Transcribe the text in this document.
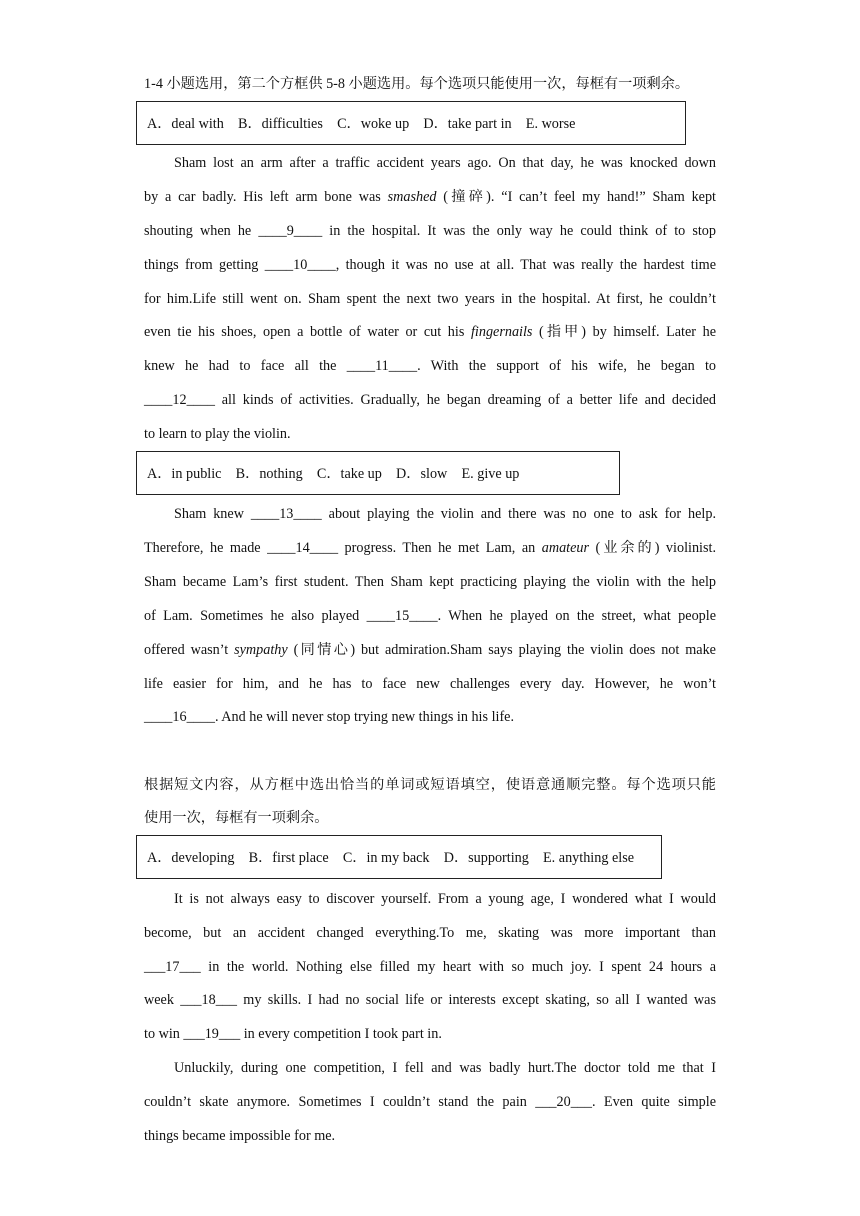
1-4 小题选用，第二个方框供 5-8 小题选用。每个选项只能使用一次，每框有一项剩余。
A．deal with　B．difficulties　C．woke up　D．take part in　E. worse
Sham lost an arm after a traffic accident years ago. On that day, he was knocked down
by a car badly. His left arm bone was smashed (撞碎). “I can’t feel my hand!” Sham kept
shouting when he ____9____ in the hospital. It was the only way he could think of to stop
things from getting ____10____, though it was no use at all. That was really the hardest time
for him.Life still went on. Sham spent the next two years in the hospital. At first, he couldn’t
even tie his shoes, open a bottle of water or cut his fingernails (指甲) by himself. Later he
knew he had to face all the ____11____. With the support of his wife, he began to
____12____ all kinds of activities. Gradually, he began dreaming of a better life and decided
to learn to play the violin.
A．in public　B．nothing　C．take up　D．slow　E. give up
Sham knew ____13____ about playing the violin and there was no one to ask for help.
Therefore, he made ____14____ progress. Then he met Lam, an amateur (业余的) violinist.
Sham became Lam’s first student. Then Sham kept practicing playing the violin with the help
of Lam. Sometimes he also played ____15____. When he played on the street, what people
offered wasn’t sympathy (同情心) but admiration.Sham says playing the violin does not make
life easier for him, and he has to face new challenges every day. However, he won’t
____16____. And he will never stop trying new things in his life.
根据短文内容，从方框中选出恰当的单词或短语填空，使语意通顺完整。每个选项只能
使用一次，每框有一项剩余。
A．developing　B．first place　C．in my back　D．supporting　E. anything else
It is not always easy to discover yourself. From a young age, I wondered what I would
become, but an accident changed everything.To me, skating was more important than
___17___ in the world. Nothing else filled my heart with so much joy. I spent 24 hours a
week ___18___ my skills. I had no social life or interests except skating, so all I wanted was
to win ___19___ in every competition I took part in.
Unluckily, during one competition, I fell and was badly hurt.The doctor told me that I
couldn’t skate anymore. Sometimes I couldn’t stand the pain ___20___. Even quite simple
things became impossible for me.
